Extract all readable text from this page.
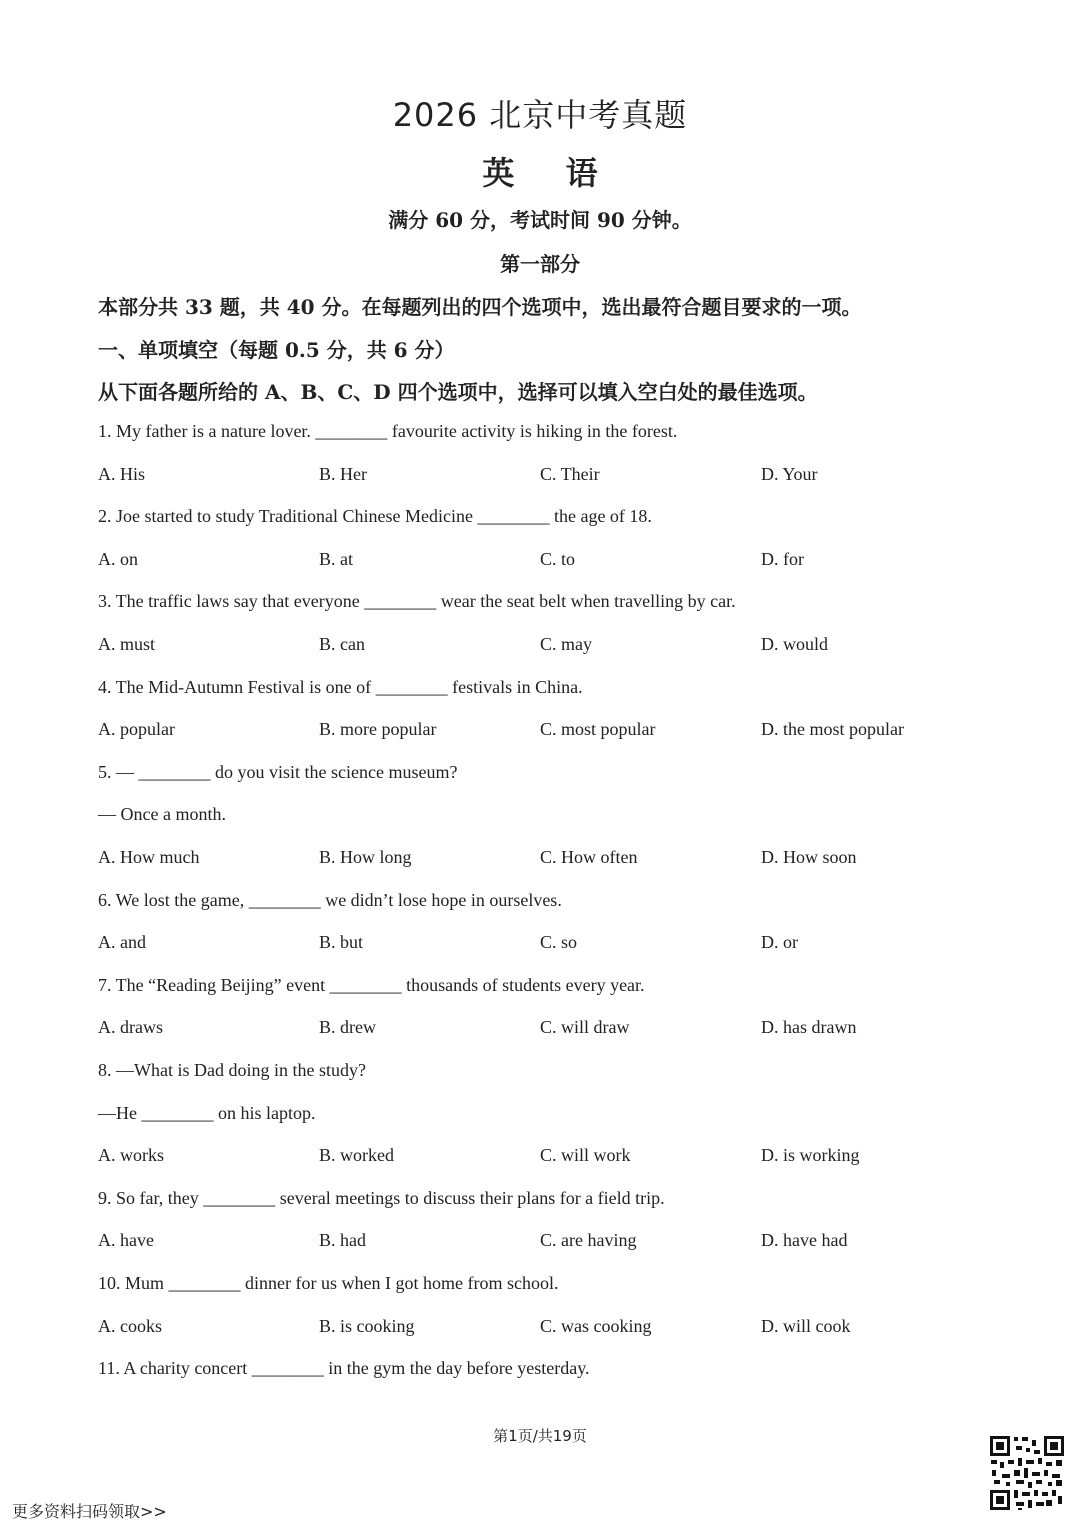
2026 北京中考真题
英 语
满分 60 分，考试时间 90 分钟。
第一部分
本部分共 33 题，共 40 分。在每题列出的四个选项中，选出最符合题目要求的一项。
一、单项填空（每题 0.5 分，共 6 分）
从下面各题所给的 A、B、C、D 四个选项中，选择可以填入空白处的最佳选项。
1. My father is a nature lover. ________ favourite activity is hiking in the forest.
A. His	B. Her	C. Their	D. Your
2. Joe started to study Traditional Chinese Medicine ________ the age of 18.
A. on	B. at	C. to	D. for
3. The traffic laws say that everyone ________ wear the seat belt when travelling by car.
A. must	B. can	C. may	D. would
4. The Mid-Autumn Festival is one of ________ festivals in China.
A. popular	B. more popular	C. most popular	D. the most popular
5. — ________ do you visit the science museum?
— Once a month.
A. How much	B. How long	C. How often	D. How soon
6. We lost the game, ________ we didn’t lose hope in ourselves.
A. and	B. but	C. so	D. or
7. The “Reading Beijing” event ________ thousands of students every year.
A. draws	B. drew	C. will draw	D. has drawn
8. —What is Dad doing in the study?
—He ________ on his laptop.
A. works	B. worked	C. will work	D. is working
9. So far, they ________ several meetings to discuss their plans for a field trip.
A. have	B. had	C. are having	D. have had
10. Mum ________ dinner for us when I got home from school.
A. cooks	B. is cooking	C. was cooking	D. will cook
11. A charity concert ________ in the gym the day before yesterday.
第1页/共19页
更多资料扫码领取>>
